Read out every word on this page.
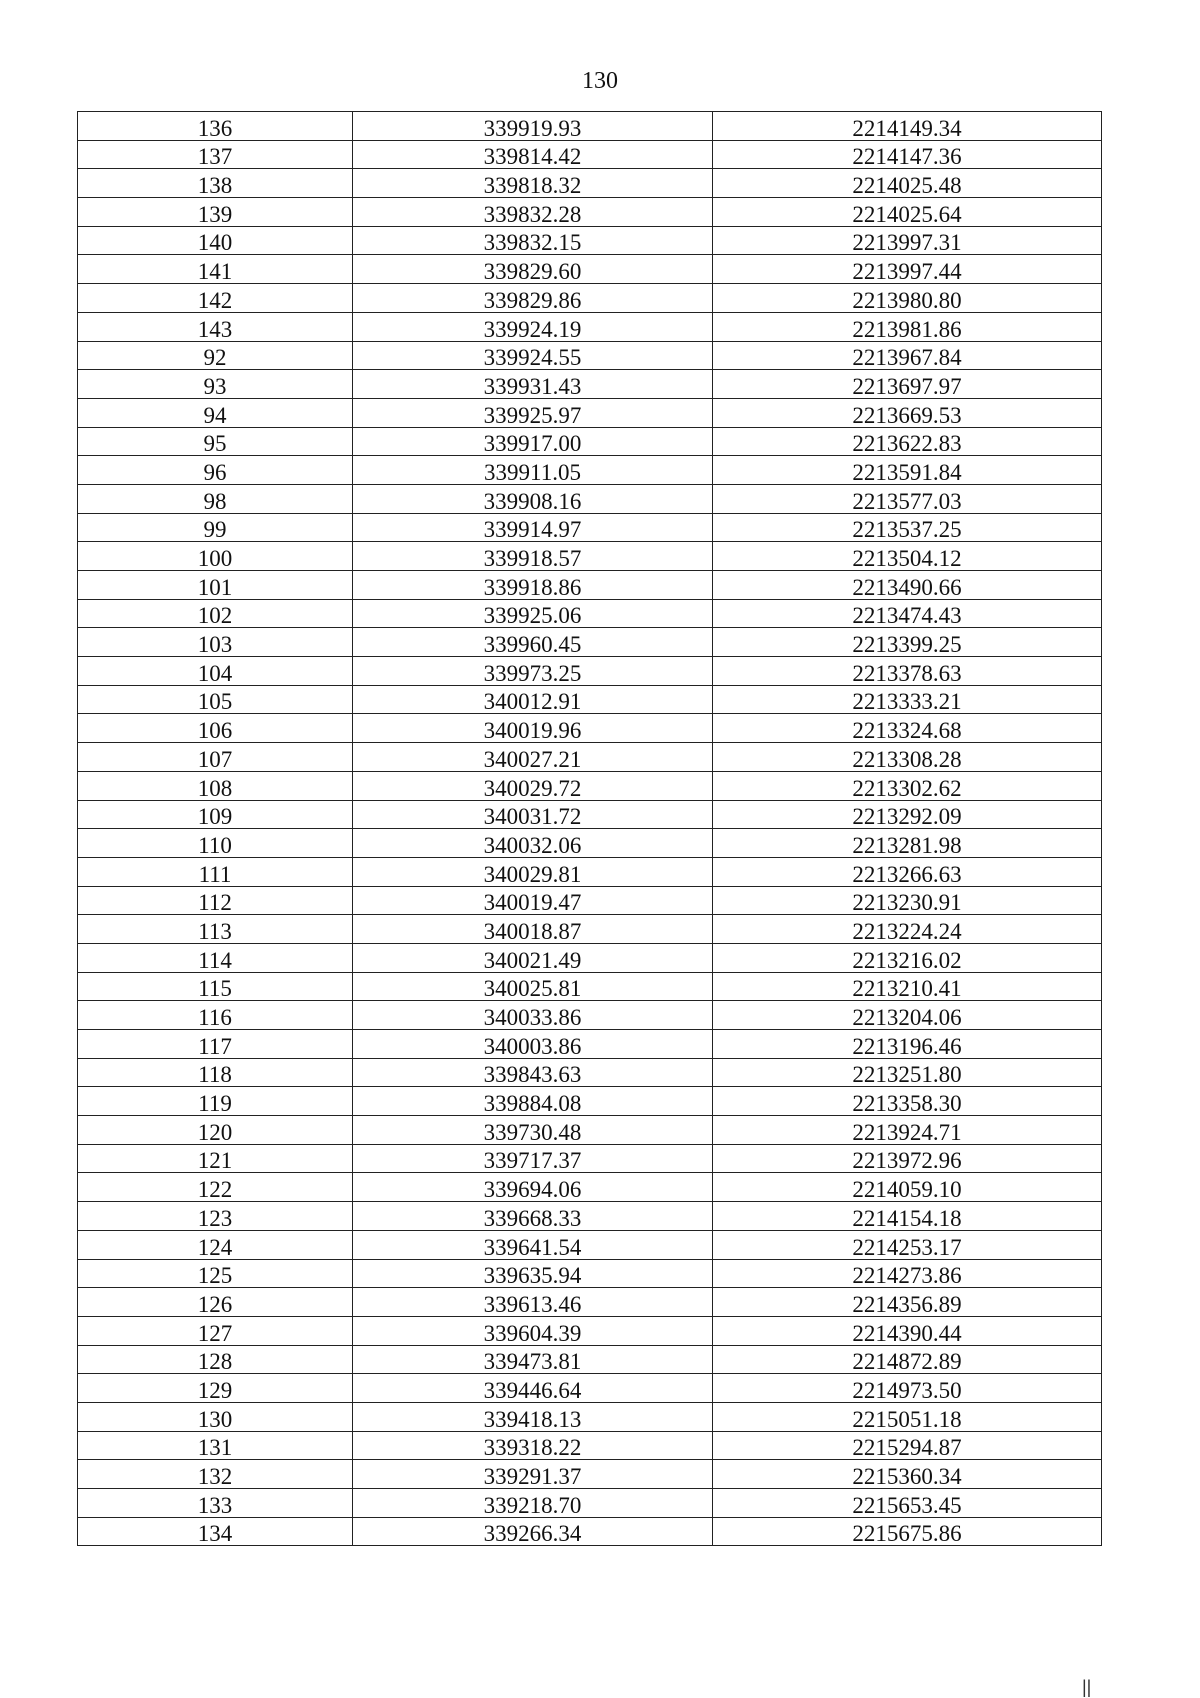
130
136	339919.93	2214149.34
137	339814.42	2214147.36
138	339818.32	2214025.48
139	339832.28	2214025.64
140	339832.15	2213997.31
141	339829.60	2213997.44
142	339829.86	2213980.80
143	339924.19	2213981.86
92	339924.55	2213967.84
93	339931.43	2213697.97
94	339925.97	2213669.53
95	339917.00	2213622.83
96	339911.05	2213591.84
98	339908.16	2213577.03
99	339914.97	2213537.25
100	339918.57	2213504.12
101	339918.86	2213490.66
102	339925.06	2213474.43
103	339960.45	2213399.25
104	339973.25	2213378.63
105	340012.91	2213333.21
106	340019.96	2213324.68
107	340027.21	2213308.28
108	340029.72	2213302.62
109	340031.72	2213292.09
110	340032.06	2213281.98
111	340029.81	2213266.63
112	340019.47	2213230.91
113	340018.87	2213224.24
114	340021.49	2213216.02
115	340025.81	2213210.41
116	340033.86	2213204.06
117	340003.86	2213196.46
118	339843.63	2213251.80
119	339884.08	2213358.30
120	339730.48	2213924.71
121	339717.37	2213972.96
122	339694.06	2214059.10
123	339668.33	2214154.18
124	339641.54	2214253.17
125	339635.94	2214273.86
126	339613.46	2214356.89
127	339604.39	2214390.44
128	339473.81	2214872.89
129	339446.64	2214973.50
130	339418.13	2215051.18
131	339318.22	2215294.87
132	339291.37	2215360.34
133	339218.70	2215653.45
134	339266.34	2215675.86
||
